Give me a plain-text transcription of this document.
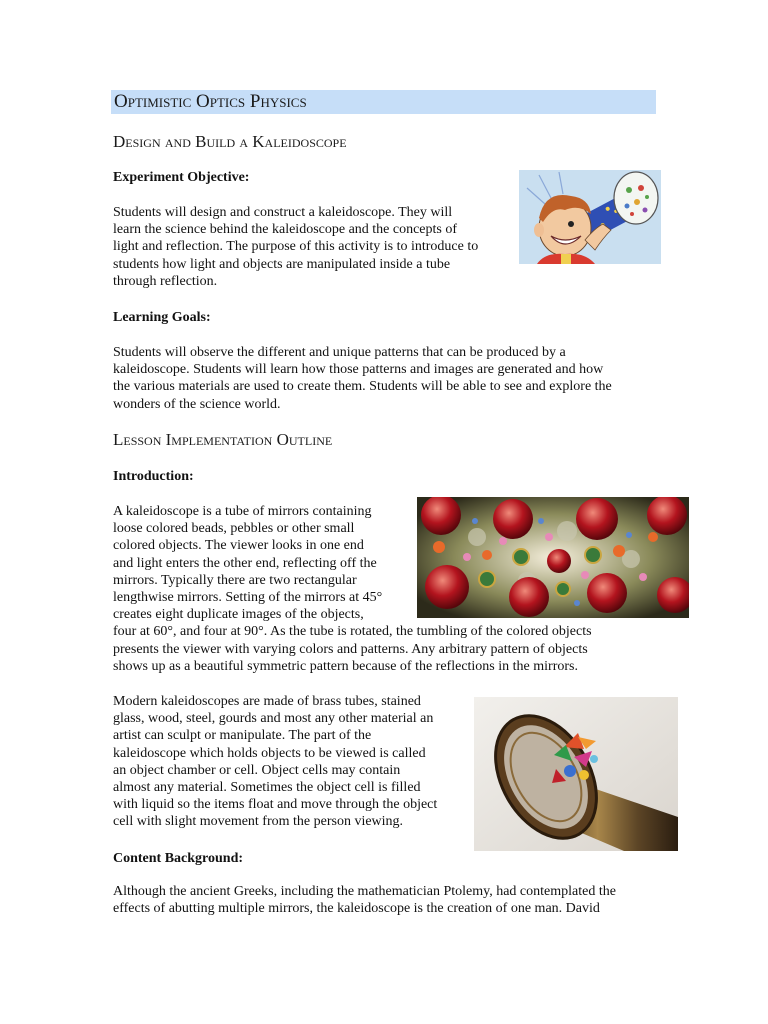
Optimistic Optics Physics
Design and Build a Kaleidoscope
Experiment Objective:
Students will design and construct a kaleidoscope. They will
learn the science behind the kaleidoscope and the concepts of
light and reflection. The purpose of this activity is to introduce to
students how light and objects are manipulated inside a tube
through reflection.
Learning Goals:
Students will observe the different and unique patterns that can be produced by a
kaleidoscope. Students will learn how those patterns and images are generated and how
the various materials are used to create them. Students will be able to see and explore the
wonders of the science world.
Lesson Implementation Outline
Introduction:
A kaleidoscope is a tube of mirrors containing
loose colored beads, pebbles or other small
colored objects. The viewer looks in one end
and light enters the other end, reflecting off the
mirrors. Typically there are two rectangular
lengthwise mirrors. Setting of the mirrors at 45°
creates eight duplicate images of the objects,
four at 60°, and four at 90°. As the tube is rotated, the tumbling of the colored objects
presents the viewer with varying colors and patterns. Any arbitrary pattern of objects
shows up as a beautiful symmetric pattern because of the reflections in the mirrors.
Modern kaleidoscopes are made of brass tubes, stained
glass, wood, steel, gourds and most any other material an
artist can sculpt or manipulate. The part of the
kaleidoscope which holds objects to be viewed is called
an object chamber or cell. Object cells may contain
almost any material. Sometimes the object cell is filled
with liquid so the items float and move through the object
cell with slight movement from the person viewing.
Content Background:
Although the ancient Greeks, including the mathematician Ptolemy, had contemplated the
effects of abutting multiple mirrors, the kaleidoscope is the creation of one man. David
